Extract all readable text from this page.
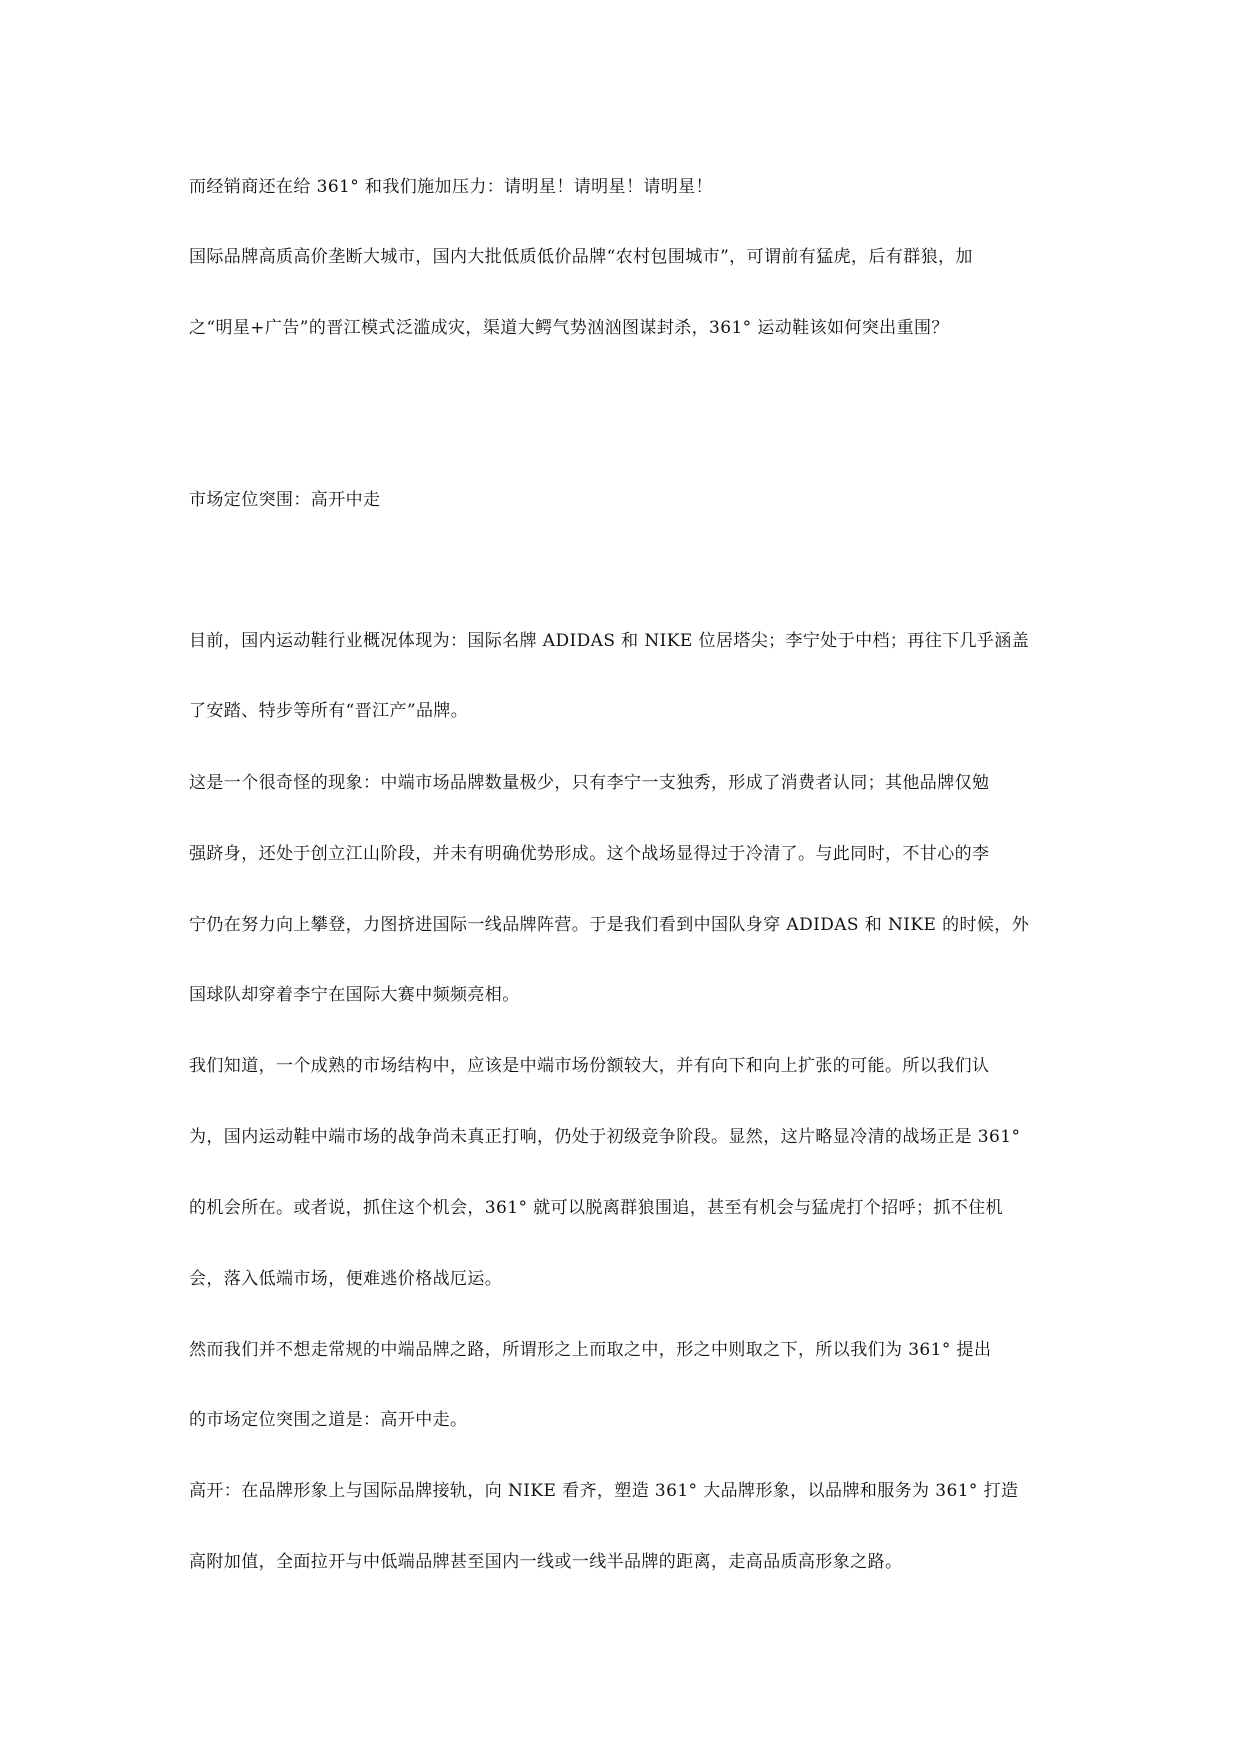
而经销商还在给 361° 和我们施加压力：请明星！请明星！请明星！
国际品牌高质高价垄断大城市，国内大批低质低价品牌“农村包围城市”，可谓前有猛虎，后有群狼，加
之“明星+广告”的晋江模式泛滥成灾，渠道大鳄气势汹汹图谋封杀，361° 运动鞋该如何突出重围？
市场定位突围：高开中走
目前，国内运动鞋行业概况体现为：国际名牌 ADIDAS 和 NIKE 位居塔尖；李宁处于中档；再往下几乎涵盖
了安踏、特步等所有“晋江产”品牌。
这是一个很奇怪的现象：中端市场品牌数量极少，只有李宁一支独秀，形成了消费者认同；其他品牌仅勉
强跻身，还处于创立江山阶段，并未有明确优势形成。这个战场显得过于冷清了。与此同时，不甘心的李
宁仍在努力向上攀登，力图挤进国际一线品牌阵营。于是我们看到中国队身穿 ADIDAS 和 NIKE 的时候，外
国球队却穿着李宁在国际大赛中频频亮相。
我们知道，一个成熟的市场结构中，应该是中端市场份额较大，并有向下和向上扩张的可能。所以我们认
为，国内运动鞋中端市场的战争尚未真正打响，仍处于初级竞争阶段。显然，这片略显冷清的战场正是 361°
的机会所在。或者说，抓住这个机会，361° 就可以脱离群狼围追，甚至有机会与猛虎打个招呼；抓不住机
会，落入低端市场，便难逃价格战厄运。
然而我们并不想走常规的中端品牌之路，所谓形之上而取之中，形之中则取之下，所以我们为 361° 提出
的市场定位突围之道是：高开中走。
高开：在品牌形象上与国际品牌接轨，向 NIKE 看齐，塑造 361° 大品牌形象，以品牌和服务为 361° 打造
高附加值，全面拉开与中低端品牌甚至国内一线或一线半品牌的距离，走高品质高形象之路。
